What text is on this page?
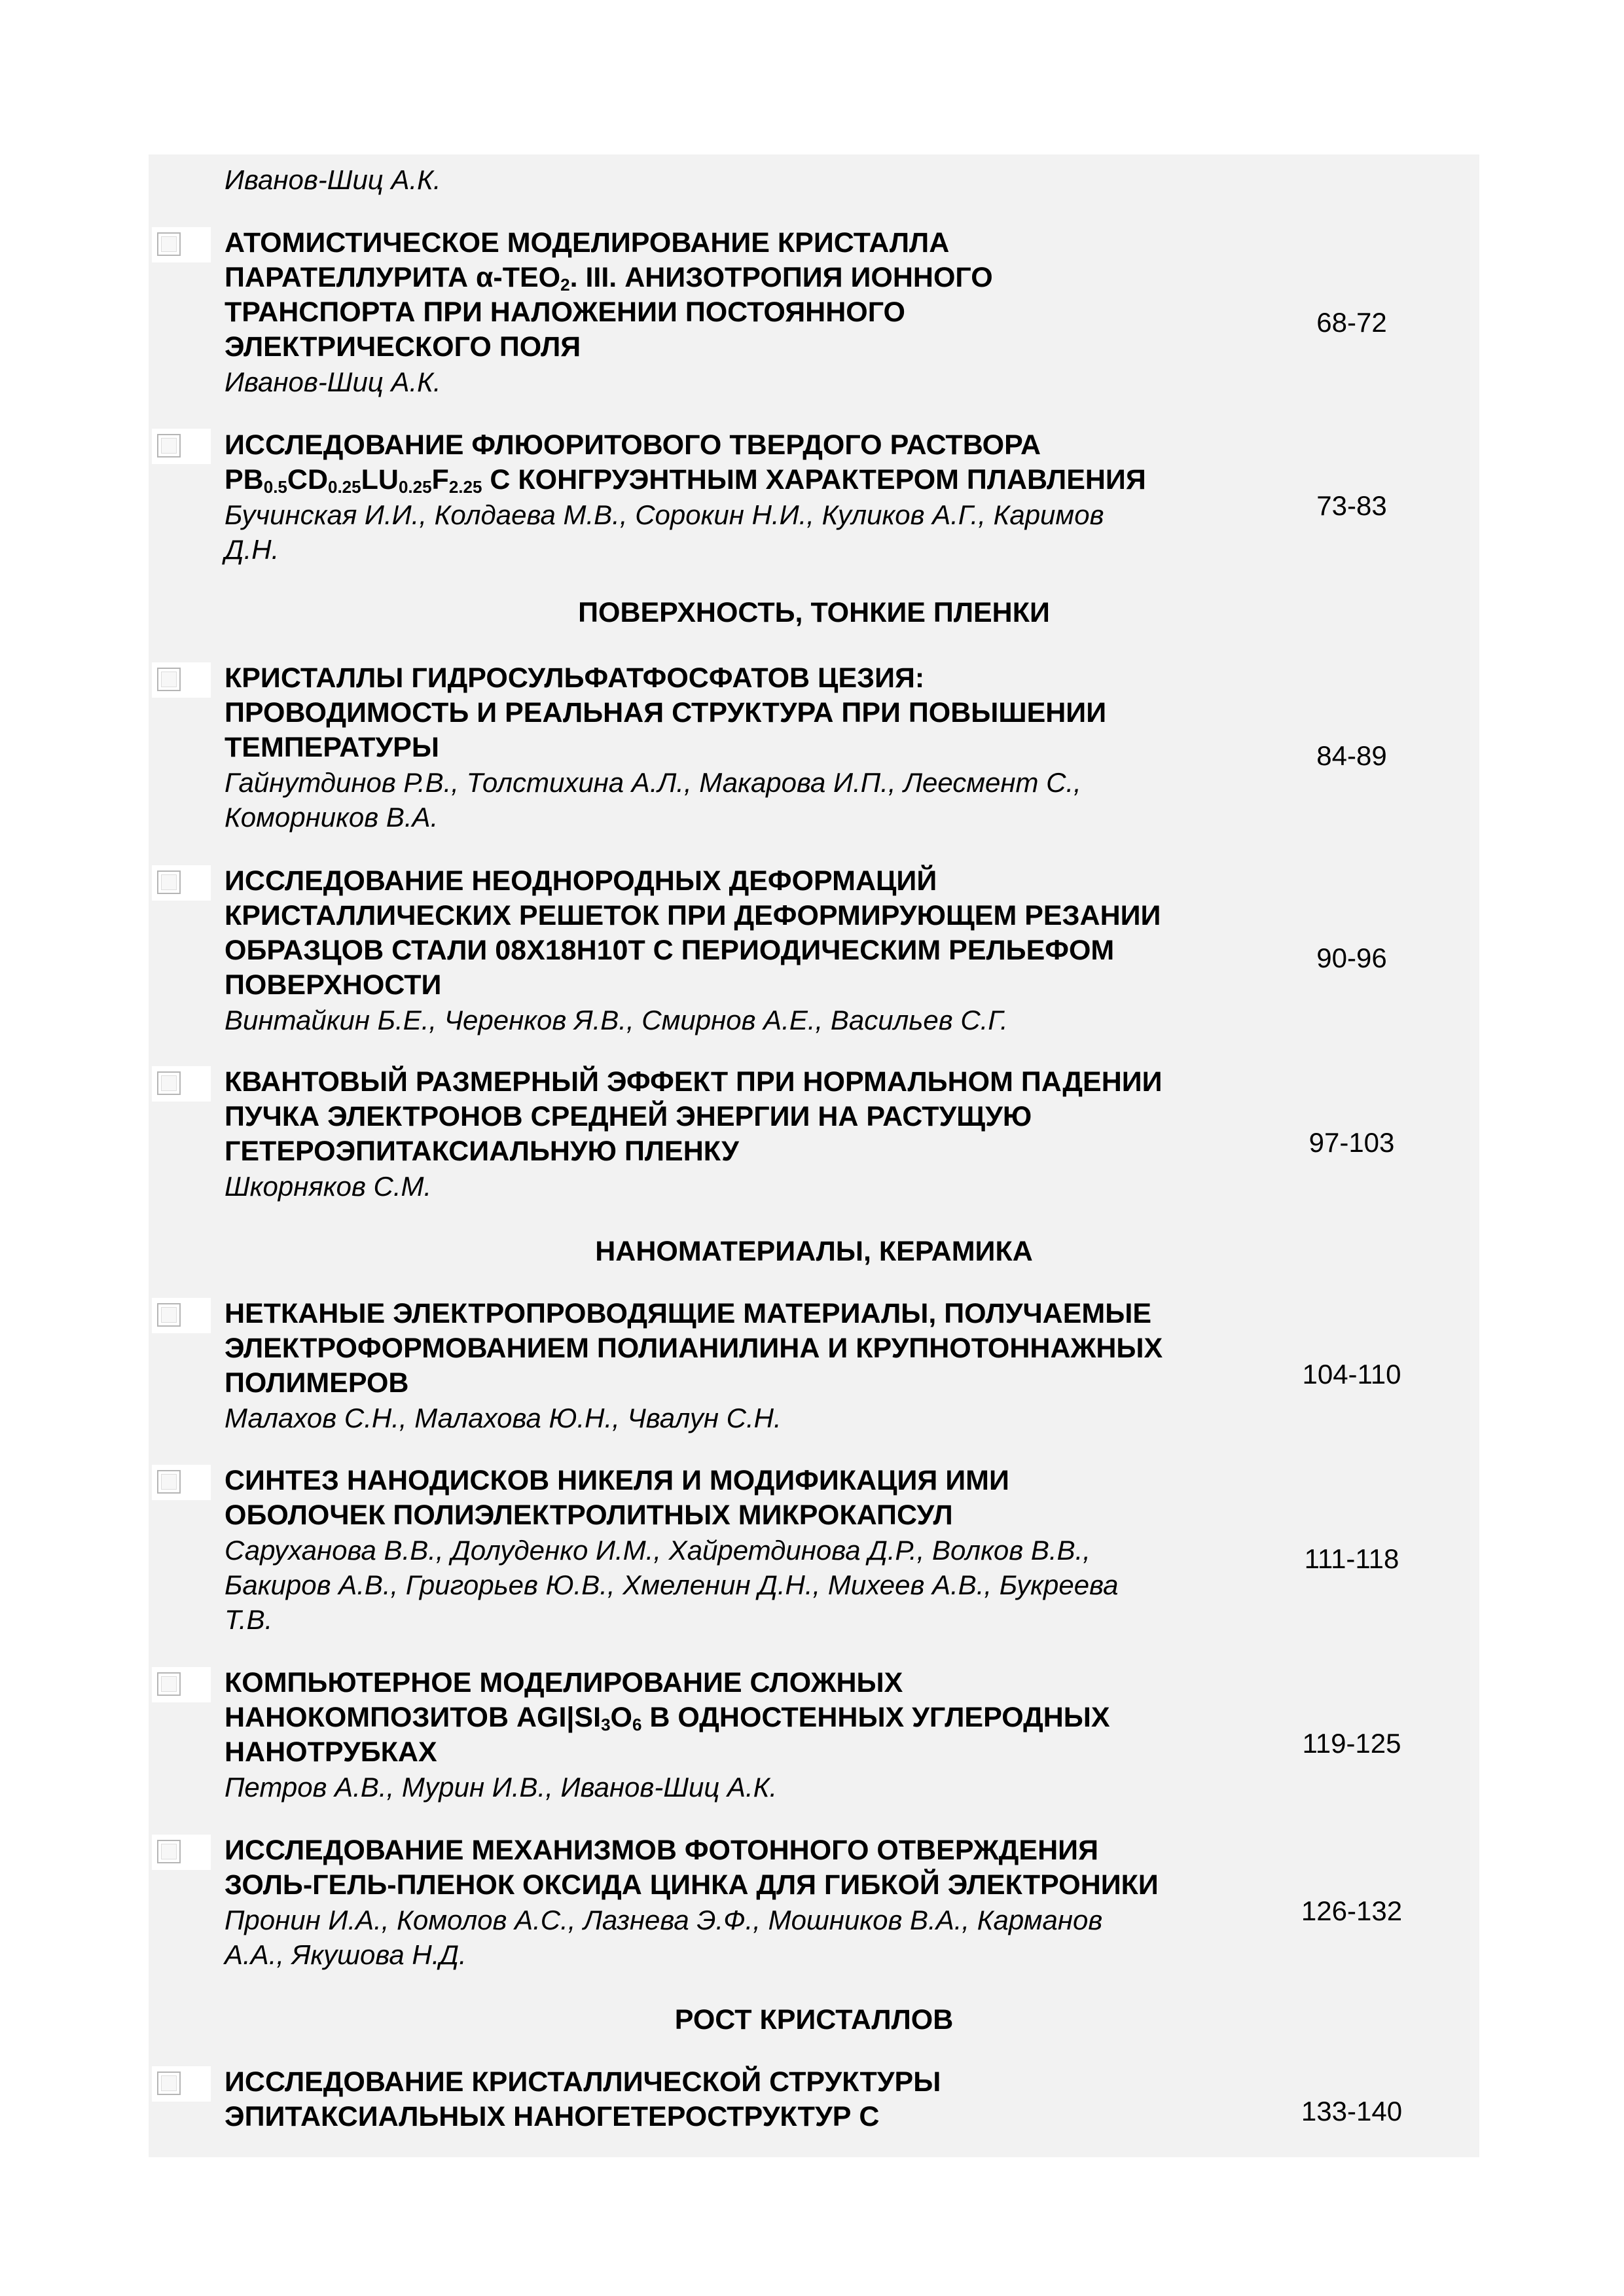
Иванов-Шиц А.К.
АТОМИСТИЧЕСКОЕ МОДЕЛИРОВАНИЕ КРИСТАЛЛА
ПАРАТЕЛЛУРИТА $\alpha-TEO_2$. III. АНИЗОТРОПИЯ ИОННОГО
ТРАНСПОРТА ПРИ НАЛОЖЕНИИ ПОСТОЯННОГО
ЭЛЕКТРИЧЕСКОГО ПОЛЯ
Иванов-Шиц А.К.
68-72
ИССЛЕДОВАНИЕ ФЛЮОРИТОВОГО ТВЕРДОГО РАСТВОРА
$PB_{0.5}CD_{0.25}LU_{0.25}F_{2.25}$ С КОНГРУЭНТНЫМ ХАРАКТЕРОМ ПЛАВЛЕНИЯ
Бучинская И.И., Колдаева М.В., Сорокин Н.И., Куликов А.Г., Каримов
Д.Н.
73-83
КРИСТАЛЛЫ ГИДРОСУЛЬФАТФОСФАТОВ ЦЕЗИЯ:
ПРОВОДИМОСТЬ И РЕАЛЬНАЯ СТРУКТУРА ПРИ ПОВЫШЕНИИ
ТЕМПЕРАТУРЫ
Гайнутдинов Р.В., Толстихина А.Л., Макарова И.П., Леесмент С.,
Коморников В.А.
84-89
ИССЛЕДОВАНИЕ НЕОДНОРОДНЫХ ДЕФОРМАЦИЙ
КРИСТАЛЛИЧЕСКИХ РЕШЕТОК ПРИ ДЕФОРМИРУЮЩЕМ РЕЗАНИИ
ОБРАЗЦОВ СТАЛИ 08Х18Н10Т С ПЕРИОДИЧЕСКИМ РЕЛЬЕФОМ
ПОВЕРХНОСТИ
Винтайкин Б.Е., Черенков Я.В., Смирнов А.Е., Васильев С.Г.
90-96
КВАНТОВЫЙ РАЗМЕРНЫЙ ЭФФЕКТ ПРИ НОРМАЛЬНОМ ПАДЕНИИ
ПУЧКА ЭЛЕКТРОНОВ СРЕДНЕЙ ЭНЕРГИИ НА РАСТУЩУЮ
ГЕТЕРОЭПИТАКСИАЛЬНУЮ ПЛЕНКУ
Шкорняков С.М.
97-103
НЕТКАНЫЕ ЭЛЕКТРОПРОВОДЯЩИЕ МАТЕРИАЛЫ, ПОЛУЧАЕМЫЕ
ЭЛЕКТРОФОРМОВАНИЕМ ПОЛИАНИЛИНА И КРУПНОТОННАЖНЫХ
ПОЛИМЕРОВ
Малахов С.Н., Малахова Ю.Н., Чвалун С.Н.
104-110
СИНТЕЗ НАНОДИСКОВ НИКЕЛЯ И МОДИФИКАЦИЯ ИМИ
ОБОЛОЧЕК ПОЛИЭЛЕКТРОЛИТНЫХ МИКРОКАПСУЛ
Саруханова В.В., Долуденко И.М., Хайретдинова Д.Р., Волков В.В.,
Бакиров А.В., Григорьев Ю.В., Хмеленин Д.Н., Михеев А.В., Букреева
Т.В.
111-118
КОМПЬЮТЕРНОЕ МОДЕЛИРОВАНИЕ СЛОЖНЫХ
НАНОКОМПОЗИТОВ $AGI|SI_3O_6$ В ОДНОСТЕННЫХ УГЛЕРОДНЫХ
НАНОТРУБКАХ
Петров А.В., Мурин И.В., Иванов-Шиц А.К.
119-125
ИССЛЕДОВАНИЕ МЕХАНИЗМОВ ФОТОННОГО ОТВЕРЖДЕНИЯ
ЗОЛЬ-ГЕЛЬ-ПЛЕНОК ОКСИДА ЦИНКА ДЛЯ ГИБКОЙ ЭЛЕКТРОНИКИ
Пронин И.А., Комолов А.С., Лазнева Э.Ф., Мошников В.А., Карманов
А.А., Якушова Н.Д.
126-132
ИССЛЕДОВАНИЕ КРИСТАЛЛИЧЕСКОЙ СТРУКТУРЫ
ЭПИТАКСИАЛЬНЫХ НАНОГЕТЕРОСТРУКТУР С	133-140
ПОВЕРХНОСТЬ, ТОНКИЕ ПЛЕНКИ
НАНОМАТЕРИАЛЫ, КЕРАМИКА
РОСТ КРИСТАЛЛОВ
